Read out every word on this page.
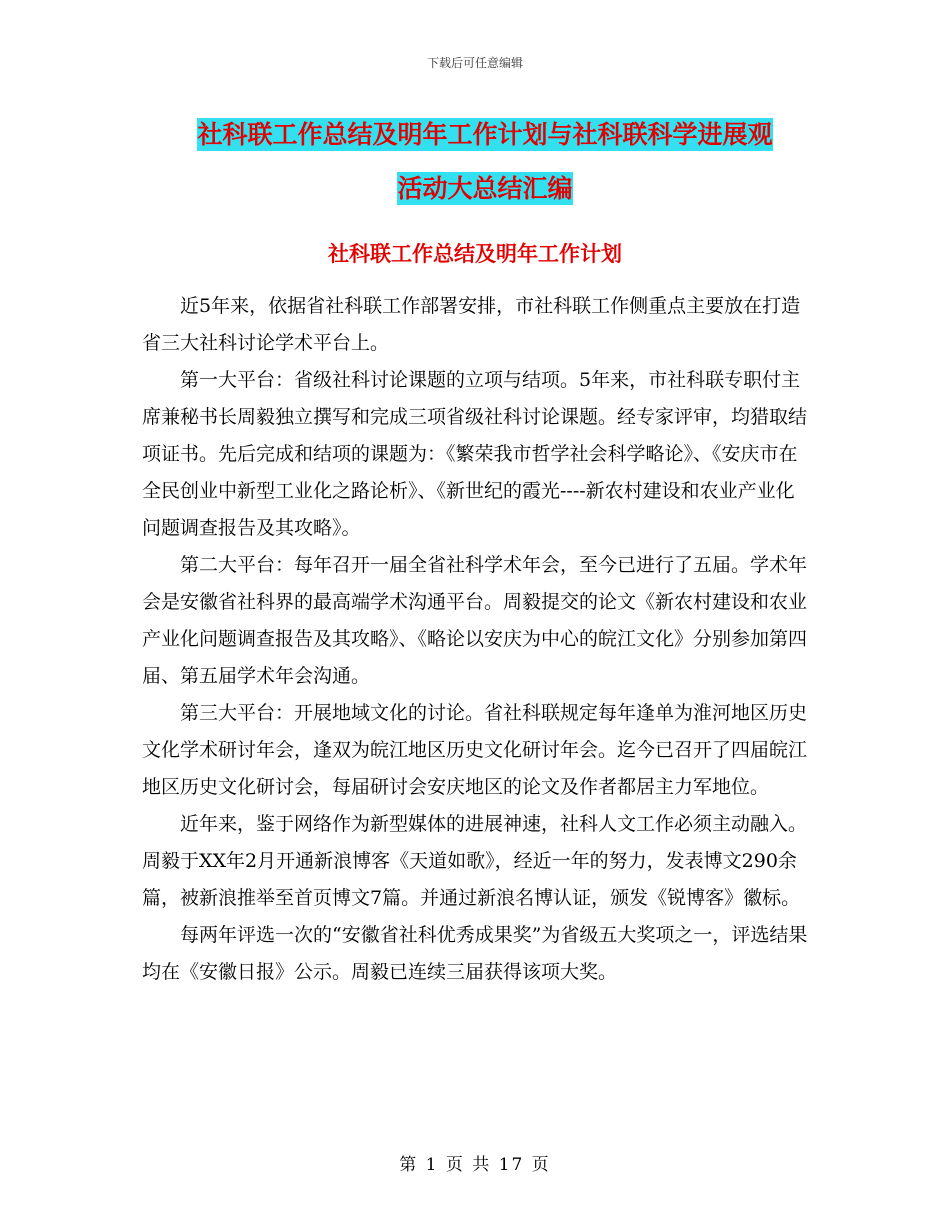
下载后可任意编辑
社科联工作总结及明年工作计划与社科联科学进展观
活动大总结汇编
社科联工作总结及明年工作计划

近5年来，依据省社科联工作部署安排，市社科联工作侧重点主要放在打造省三大社科讨论学术平台上。

第一大平台：省级社科讨论课题的立项与结项。5年来，市社科联专职付主席兼秘书长周毅独立撰写和完成三项省级社科讨论课题。经专家评审，均猎取结项证书。先后完成和结项的课题为：《繁荣我市哲学社会科学略论》、《安庆市在全民创业中新型工业化之路论析》、《新世纪的霞光----新农村建设和农业产业化问题调查报告及其攻略》。

第二大平台：每年召开一届全省社科学术年会，至今已进行了五届。学术年会是安徽省社科界的最高端学术沟通平台。周毅提交的论文《新农村建设和农业产业化问题调查报告及其攻略》、《略论以安庆为中心的皖江文化》分别参加第四届、第五届学术年会沟通。

第三大平台：开展地域文化的讨论。省社科联规定每年逢单为淮河地区历史文化学术研讨年会，逢双为皖江地区历史文化研讨年会。迄今已召开了四届皖江地区历史文化研讨会，每届研讨会安庆地区的论文及作者都居主力军地位。

近年来，鉴于网络作为新型媒体的进展神速，社科人文工作必须主动融入。周毅于XX年2月开通新浪博客《天道如歌》，经近一年的努力，发表博文290余篇，被新浪推举至首页博文7篇。并通过新浪名博认证，颁发《锐博客》徽标。

每两年评选一次的“安徽省社科优秀成果奖”为省级五大奖项之一，评选结果均在《安徽日报》公示。周毅已连续三届获得该项大奖。

第 1 页 共 17 页
